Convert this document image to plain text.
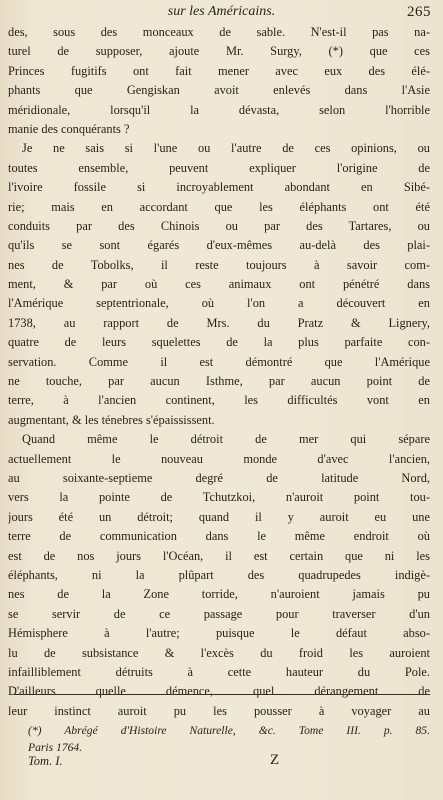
sur les Américains.	265
des, sous des monceaux de sable. N'est-il pas na-
turel de supposer, ajoute Mr. Surgy, (*) que ces
Princes fugitifs ont fait mener avec eux des élé-
phants que Gengiskan avoit enlevés dans l'Asie
méridionale, lorsqu'il la dévasta, selon l'horrible
manie des conquérants ?
Je ne sais si l'une ou l'autre de ces opinions, ou
toutes ensemble, peuvent expliquer l'origine de
l'ivoire fossile si incroyablement abondant en Sibé-
rie; mais en accordant que les éléphants ont été
conduits par des Chinois ou par des Tartares, ou
qu'ils se sont égarés d'eux-mêmes au-delà des plai-
nes de Tobolks, il reste toujours à savoir com-
ment, & par où ces animaux ont pénétré dans
l'Amérique septentrionale, où l'on a découvert en
1738, au rapport de Mrs. du Pratz & Lignery,
quatre de leurs squelettes de la plus parfaite con-
servation. Comme il est démontré que l'Amérique
ne touche, par aucun Isthme, par aucun point de
terre, à l'ancien continent, les difficultés vont en
augmentant, & les ténebres s'épaississent.
Quand même le détroit de mer qui sépare
actuellement le nouveau monde d'avec l'ancien,
au soixante-septieme degré de latitude Nord,
vers la pointe de Tchutzkoi, n'auroit point tou-
jours été un détroit; quand il y auroit eu une
terre de communication dans le même endroit où
est de nos jours l'Océan, il est certain que ni les
éléphants, ni la plûpart des quadrupedes indigè-
nes de la Zone torride, n'auroient jamais pu
se servir de ce passage pour traverser d'un
Hémisphere à l'autre; puisque le défaut abso-
lu de subsistance & l'excès du froid les auroient
infailliblement détruits à cette hauteur du Pole.
D'ailleurs quelle démence, quel dérangement de
leur instinct auroit pu les pousser à voyager au
(*) Abrégé d'Histoire Naturelle, &c. Tome III. p. 85.
Paris 1764.
Tom. I.	Z
